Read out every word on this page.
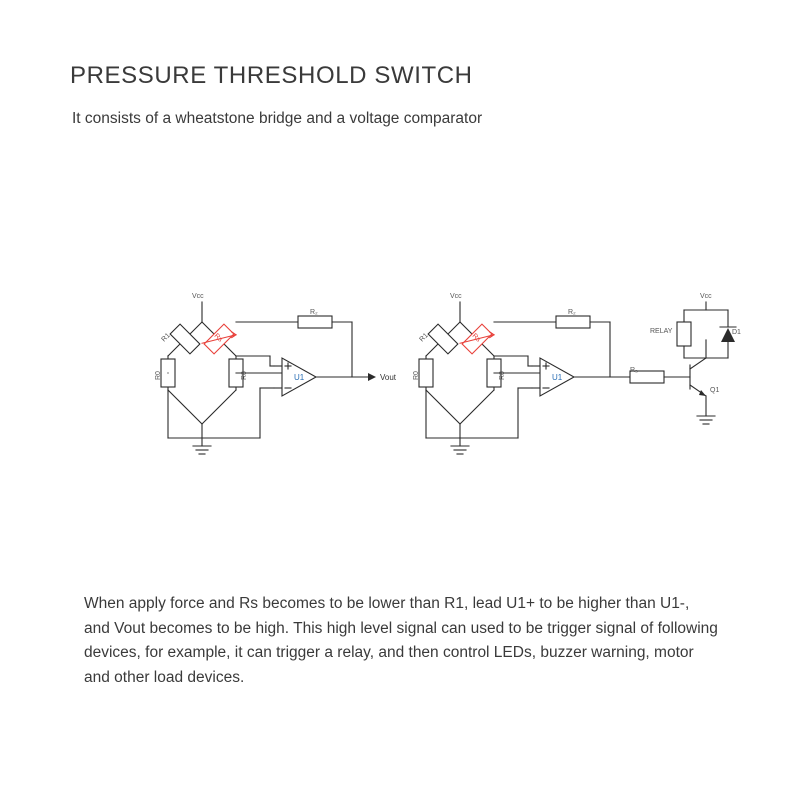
PRESSURE THRESHOLD SWITCH
It consists of a wheatstone bridge and a voltage comparator
Vcc
R1
R0	R0
R₂
U1	Vout
Vcc
R1
R0	R0
R₂
U1
R₃
Vcc
RELAY	D1
Q1
Rs	Rs
When apply force and Rs becomes to be lower than R1, lead U1+ to be higher than U1-, and Vout becomes to be high. This high level signal can used to be trigger signal of following devices, for example, it can trigger a relay, and then control LEDs, buzzer warning, motor and other load devices.
